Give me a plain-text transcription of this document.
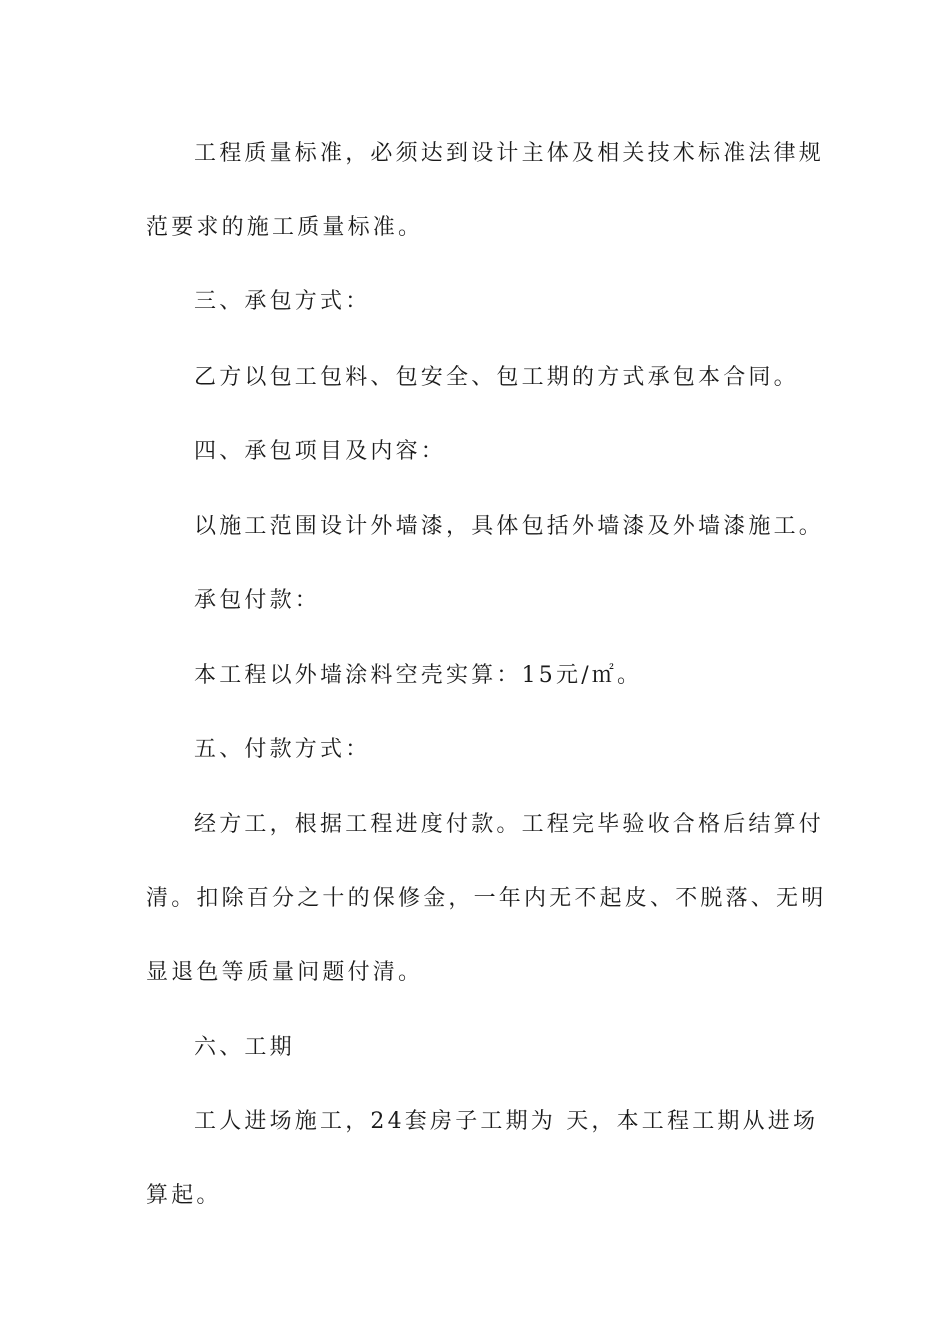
工程质量标准，必须达到设计主体及相关技术标准法律规
范要求的施工质量标准。
三、承包方式：
乙方以包工包料、包安全、包工期的方式承包本合同。
四、承包项目及内容：
以施工范围设计外墙漆，具体包括外墙漆及外墙漆施工。
承包付款：
本工程以外墙涂料空壳实算：15元/㎡。
五、付款方式：
经方工，根据工程进度付款。工程完毕验收合格后结算付
清。扣除百分之十的保修金，一年内无不起皮、不脱落、无明
显退色等质量问题付清。
六、工期
工人进场施工，24套房子工期为 天，本工程工期从进场
算起。
